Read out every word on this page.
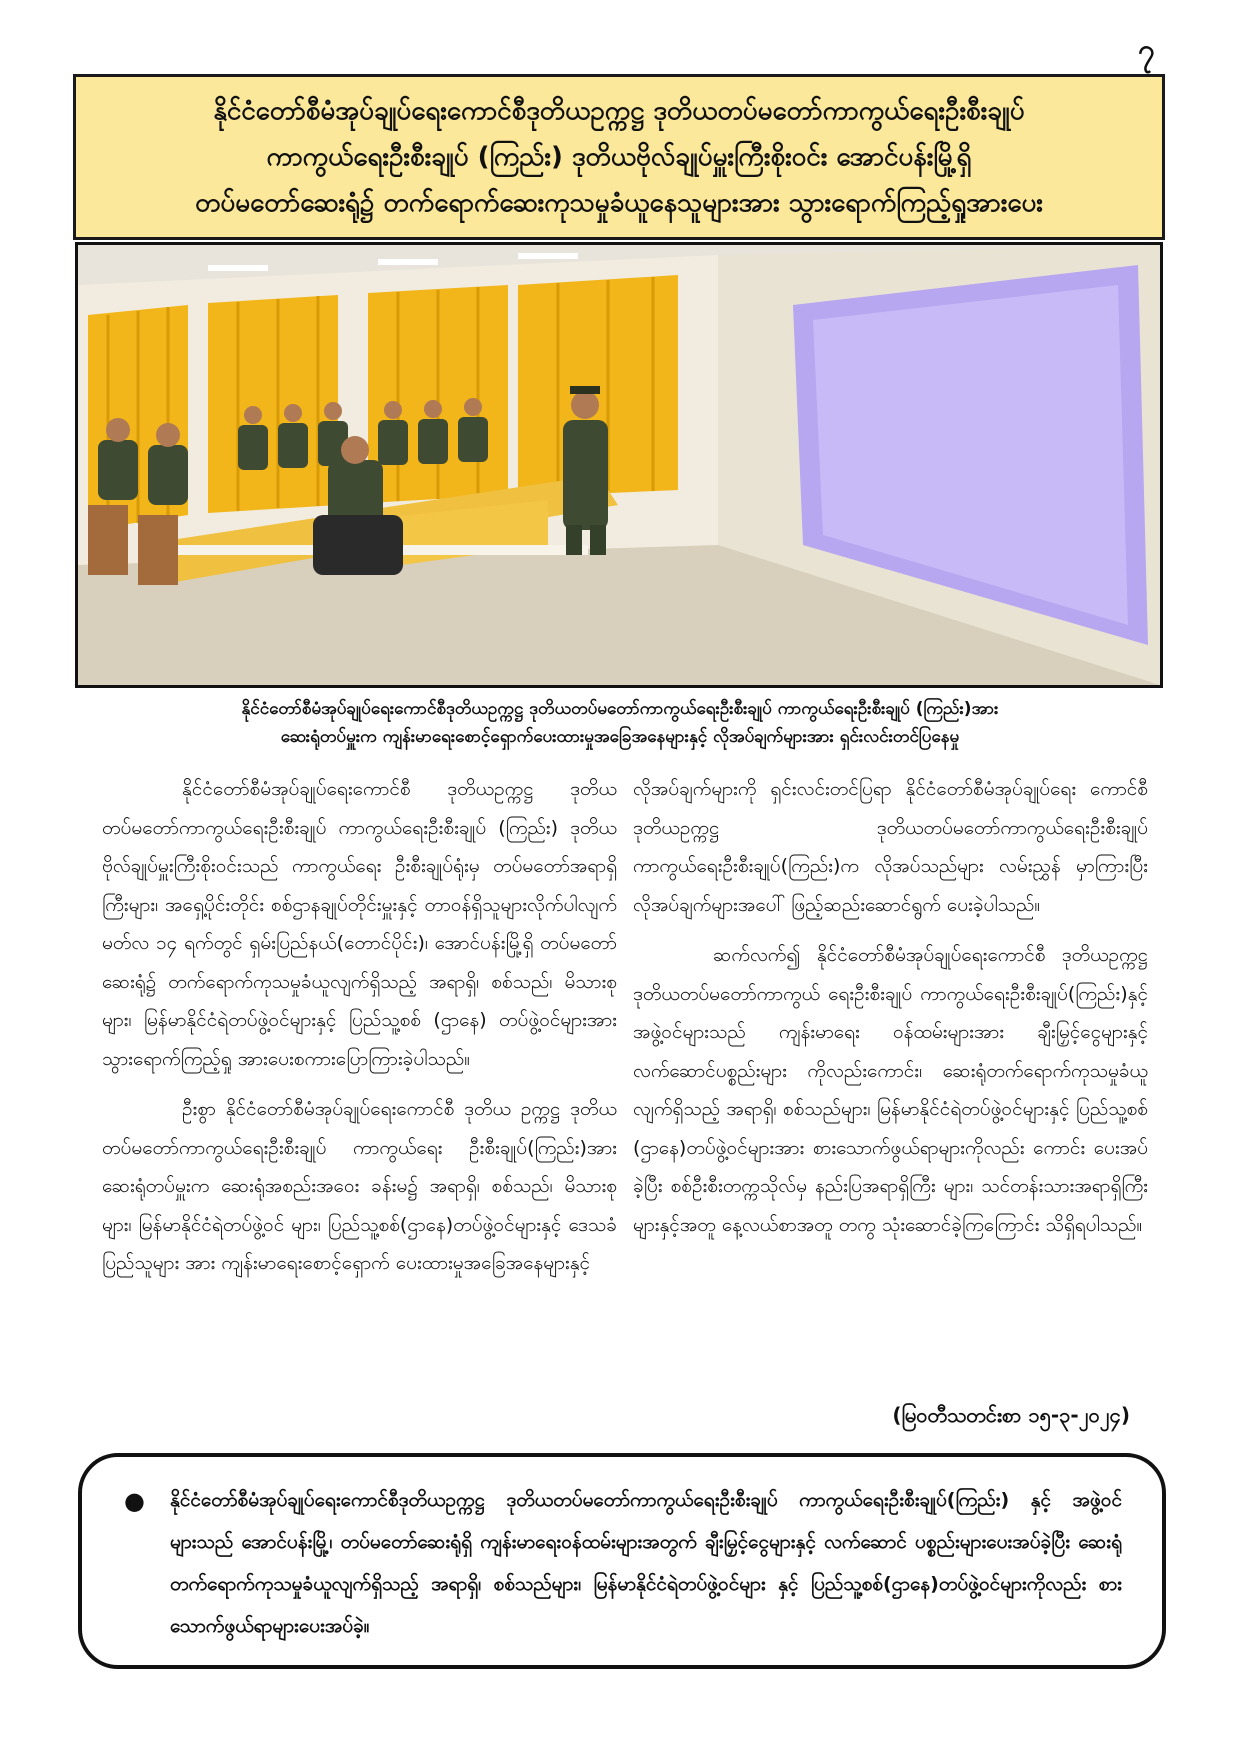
၇
နိုင်ငံတော်စီမံအုပ်ချုပ်ရေးကောင်စီဒုတိယဥက္ကဋ္ဌ ဒုတိယတပ်မတော်ကာကွယ်ရေးဦးစီးချုပ်
ကာကွယ်ရေးဦးစီးချုပ် (ကြည်း) ဒုတိယဗိုလ်ချုပ်မှူးကြီးစိုးဝင်း အောင်ပန်းမြို့ရှိ
တပ်မတော်ဆေးရုံ၌ တက်ရောက်ဆေးကုသမှုခံယူနေသူများအား သွားရောက်ကြည့်ရှုအားပေး
နိုင်ငံတော်စီမံအုပ်ချုပ်ရေးကောင်စီဒုတိယဥက္ကဋ္ဌ ဒုတိယတပ်မတော်ကာကွယ်ရေးဦးစီးချုပ် ကာကွယ်ရေးဦးစီးချုပ် (ကြည်း)အား
ဆေးရုံတပ်မှူးက ကျန်းမာရေးစောင့်ရှောက်ပေးထားမှုအခြေအနေများနှင့် လိုအပ်ချက်များအား ရှင်းလင်းတင်ပြနေမှု

နိုင်ငံတော်စီမံအုပ်ချုပ်ရေးကောင်စီ ဒုတိယဥက္ကဋ္ဌ ဒုတိယတပ်မတော်ကာကွယ်ရေးဦးစီးချုပ် ကာကွယ်ရေးဦးစီးချုပ် (ကြည်း) ဒုတိယဗိုလ်ချုပ်မှူးကြီးစိုးဝင်းသည် ကာကွယ်ရေး ဦးစီးချုပ်ရုံးမှ တပ်မတော်အရာရှိကြီးများ၊ အရှေ့ပိုင်းတိုင်း စစ်ဌာနချုပ်တိုင်းမှူးနှင့် တာဝန်ရှိသူများလိုက်ပါလျက် မတ်လ ၁၄ ရက်တွင် ရှမ်းပြည်နယ်(တောင်ပိုင်း)၊ အောင်ပန်းမြို့ရှိ တပ်မတော်ဆေးရုံ၌ တက်ရောက်ကုသမှုခံယူလျက်ရှိသည့် အရာရှိ၊ စစ်သည်၊ မိသားစုများ၊ မြန်မာနိုင်ငံရဲတပ်ဖွဲ့ဝင်များနှင့် ပြည်သူ့စစ် (ဌာနေ) တပ်ဖွဲ့ဝင်များအား သွားရောက်ကြည့်ရှု အားပေးစကားပြောကြားခဲ့ပါသည်။

ဦးစွာ နိုင်ငံတော်စီမံအုပ်ချုပ်ရေးကောင်စီ ဒုတိယ ဥက္ကဋ္ဌ ဒုတိယတပ်မတော်ကာကွယ်ရေးဦးစီးချုပ် ကာကွယ်ရေး ဦးစီးချုပ်(ကြည်း)အား ဆေးရုံတပ်မှူးက ဆေးရုံအစည်းအဝေး ခန်းမ၌ အရာရှိ၊ စစ်သည်၊ မိသားစုများ၊ မြန်မာနိုင်ငံရဲတပ်ဖွဲ့ဝင် များ၊ ပြည်သူ့စစ်(ဌာနေ)တပ်ဖွဲ့ဝင်များနှင့် ဒေသခံပြည်သူများ အား ကျန်းမာရေးစောင့်ရှောက် ပေးထားမှုအခြေအနေများနှင့်

လိုအပ်ချက်များကို ရှင်းလင်းတင်ပြရာ နိုင်ငံတော်စီမံအုပ်ချုပ်ရေး ကောင်စီဒုတိယဥက္ကဋ္ဌ ဒုတိယတပ်မတော်ကာကွယ်ရေးဦးစီးချုပ် ကာကွယ်ရေးဦးစီးချုပ်(ကြည်း)က လိုအပ်သည်များ လမ်းညွှန် မှာကြားပြီး လိုအပ်ချက်များအပေါ် ဖြည့်ဆည်းဆောင်ရွက် ပေးခဲ့ပါသည်။

ဆက်လက်၍ နိုင်ငံတော်စီမံအုပ်ချုပ်ရေးကောင်စီ ဒုတိယဥက္ကဋ္ဌ ဒုတိယတပ်မတော်ကာကွယ် ရေးဦးစီးချုပ် ကာကွယ်ရေးဦးစီးချုပ်(ကြည်း)နှင့် အဖွဲ့ဝင်များသည် ကျန်းမာရေး ဝန်ထမ်းများအား ချီးမြှင့်ငွေများနှင့် လက်ဆောင်ပစ္စည်းများ ကိုလည်းကောင်း၊ ဆေးရုံတက်ရောက်ကုသမှုခံယူလျက်ရှိသည့် အရာရှိ၊ စစ်သည်များ၊ မြန်မာနိုင်ငံရဲတပ်ဖွဲ့ဝင်များနှင့် ပြည်သူ့စစ် (ဌာနေ)တပ်ဖွဲ့ဝင်များအား စားသောက်ဖွယ်ရာများကိုလည်း ကောင်း ပေးအပ်ခဲ့ပြီး စစ်ဦးစီးတက္ကသိုလ်မှ နည်းပြအရာရှိကြီး များ၊ သင်တန်းသားအရာရှိကြီးများနှင့်အတူ နေ့လယ်စာအတူ တကွ သုံးဆောင်ခဲ့ကြကြောင်း သိရှိရပါသည်။

(မြဝတီသတင်းစာ ၁၅-၃-၂၀၂၄)
● နိုင်ငံတော်စီမံအုပ်ချုပ်ရေးကောင်စီဒုတိယဥက္ကဋ္ဌ ဒုတိယတပ်မတော်ကာကွယ်ရေးဦးစီးချုပ် ကာကွယ်ရေးဦးစီးချုပ်(ကြည်း) နှင့် အဖွဲ့ဝင်များသည် အောင်ပန်းမြို့၊ တပ်မတော်ဆေးရုံရှိ ကျန်းမာရေးဝန်ထမ်းများအတွက် ချီးမြှင့်ငွေများနှင့် လက်ဆောင် ပစ္စည်းများပေးအပ်ခဲ့ပြီး ဆေးရုံတက်ရောက်ကုသမှုခံယူလျက်ရှိသည့် အရာရှိ၊ စစ်သည်များ၊ မြန်မာနိုင်ငံရဲတပ်ဖွဲ့ဝင်များ နှင့် ပြည်သူ့စစ်(ဌာနေ)တပ်ဖွဲ့ဝင်များကိုလည်း စားသောက်ဖွယ်ရာများပေးအပ်ခဲ့။
